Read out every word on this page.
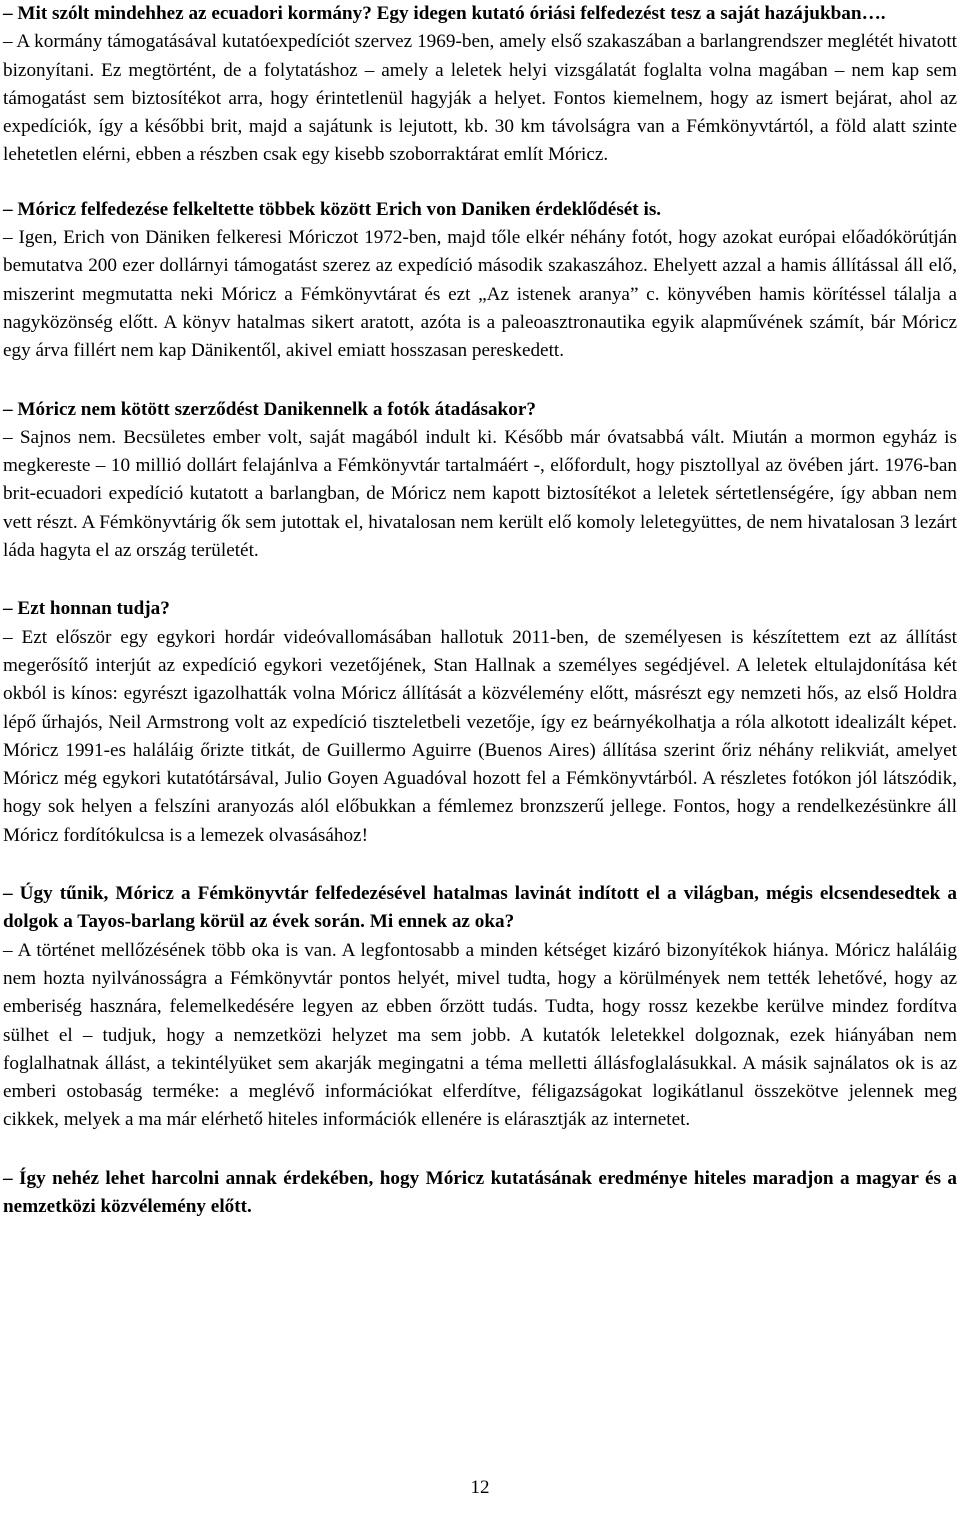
– Mit szólt mindehhez az ecuadori kormány? Egy idegen kutató óriási felfedezést tesz a saját hazájukban….

– A kormány támogatásával kutatóexpedíciót szervez 1969-ben, amely első szakaszában a barlangrendszer meglétét hivatott bizonyítani. Ez megtörtént, de a folytatáshoz – amely a leletek helyi vizsgálatát foglalta volna magában – nem kap sem támogatást sem biztosítékot arra, hogy érintetlenül hagyják a helyet. Fontos kiemelnem, hogy az ismert bejárat, ahol az expedíciók, így a későbbi brit, majd a sajátunk is lejutott, kb. 30 km távolságra van a Fémkönyvtártól, a föld alatt szinte lehetetlen elérni, ebben a részben csak egy kisebb szoborraktárat említ Móricz.

– Móricz felfedezése felkeltette többek között Erich von Daniken érdeklődését is.

– Igen, Erich von Däniken felkeresi Móriczot 1972-ben, majd tőle elkér néhány fotót, hogy azokat európai előadókörútján bemutatva 200 ezer dollárnyi támogatást szerez az expedíció második szakaszához. Ehelyett azzal a hamis állítással áll elő, miszerint megmutatta neki Móricz a Fémkönyvtárat és ezt „Az istenek aranya” c. könyvében hamis körítéssel tálalja a nagyközönség előtt. A könyv hatalmas sikert aratott, azóta is a paleoasztronautika egyik alapművének számít, bár Móricz egy árva fillért nem kap Dänikentől, akivel emiatt hosszasan pereskedett.

– Móricz nem kötött szerződést Danikennelk a fotók átadásakor?

– Sajnos nem. Becsületes ember volt, saját magából indult ki. Később már óvatsabbá vált. Miután a mormon egyház is megkereste – 10 millió dollárt felajánlva a Fémkönyvtár tartalmáért -, előfordult, hogy pisztollyal az övében járt. 1976-ban brit-ecuadori expedíció kutatott a barlangban, de Móricz nem kapott biztosítékot a leletek sértetlenségére, így abban nem vett részt. A Fémkönyvtárig ők sem jutottak el, hivatalosan nem került elő komoly leletegyüttes, de nem hivatalosan 3 lezárt láda hagyta el az ország területét.

– Ezt honnan tudja?

– Ezt először egy egykori hordár videóvallomásában hallotuk 2011-ben, de személyesen is készítettem ezt az állítást megerősítő interjút az expedíció egykori vezetőjének, Stan Hallnak a személyes segédjével. A leletek eltulajdonítása két okból is kínos: egyrészt igazolhatták volna Móricz állítását a közvélemény előtt, másrészt egy nemzeti hős, az első Holdra lépő űrhajós, Neil Armstrong volt az expedíció tiszteletbeli vezetője, így ez beárnyékolhatja a róla alkotott idealizált képet. Móricz 1991-es haláláig őrizte titkát, de Guillermo Aguirre (Buenos Aires) állítása szerint őriz néhány relikviát, amelyet Móricz még egykori kutatótársával, Julio Goyen Aguadóval hozott fel a Fémkönyvtárból. A részletes fotókon jól látszódik, hogy sok helyen a felszíni aranyozás alól előbukkan a fémlemez bronzszerű jellege. Fontos, hogy a rendelkezésünkre áll Móricz fordítókulcsa is a lemezek olvasásához!

– Úgy tűnik, Móricz a Fémkönyvtár felfedezésével hatalmas lavinát indított el a világban, mégis elcsendesedtek a dolgok a Tayos-barlang körül az évek során. Mi ennek az oka?

– A történet mellőzésének több oka is van. A legfontosabb a minden kétséget kizáró bizonyítékok hiánya. Móricz haláláig nem hozta nyilvánosságra a Fémkönyvtár pontos helyét, mivel tudta, hogy a körülmények nem tették lehetővé, hogy az emberiség hasznára, felemelkedésére legyen az ebben őrzött tudás. Tudta, hogy rossz kezekbe kerülve mindez fordítva sülhet el – tudjuk, hogy a nemzetközi helyzet ma sem jobb. A kutatók leletekkel dolgoznak, ezek hiányában nem foglalhatnak állást, a tekintélyüket sem akarják megingatni a téma melletti állásfoglalásukkal. A másik sajnálatos ok is az emberi ostobaság terméke: a meglévő információkat elferdítve, féligazságokat logikátlanul összekötve jelennek meg cikkek, melyek a ma már elérhető hiteles információk ellenére is elárasztják az internetet.

– Így nehéz lehet harcolni annak érdekében, hogy Móricz kutatásának eredménye hiteles maradjon a magyar és a nemzetközi közvélemény előtt.

12
